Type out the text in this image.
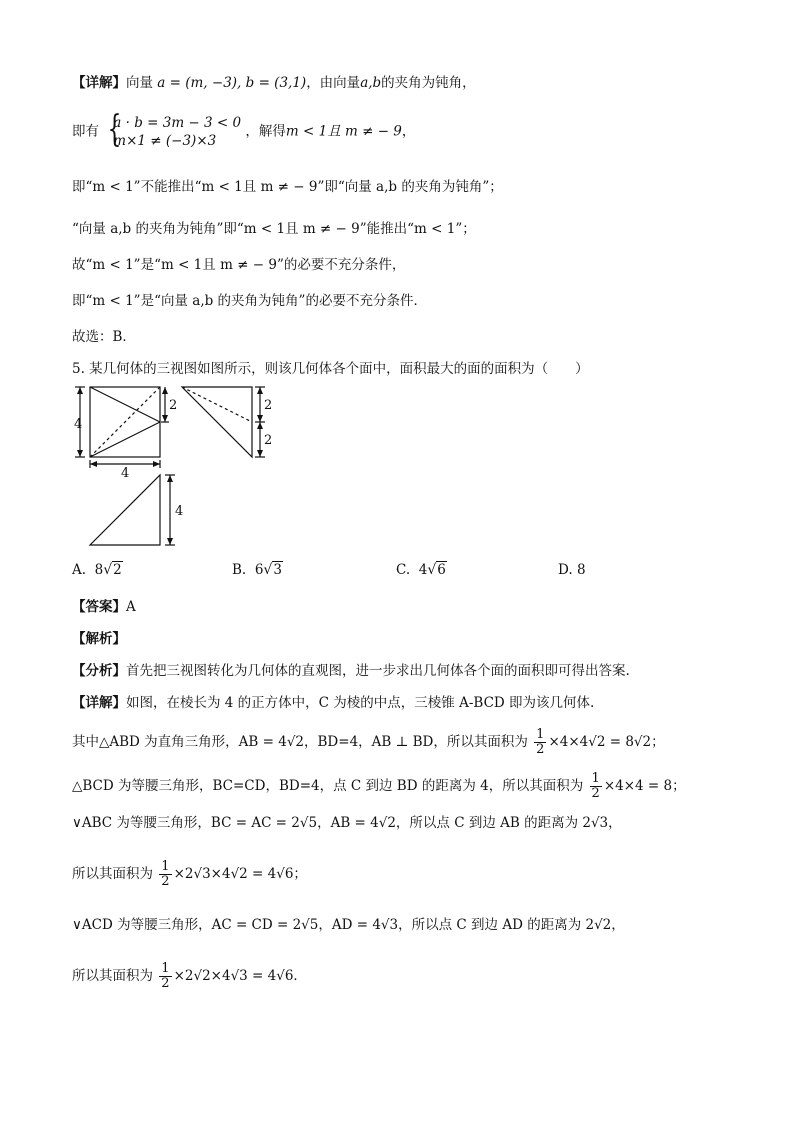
【详解】向量 a = (m, −3), b = (3,1)，由向量a,b的夹角为钝角，
即有 {
a · b = 3m − 3 < 0
m×1 ≠ (−3)×3
，解得m < 1且 m ≠ − 9，
即“m < 1”不能推出“m < 1且 m ≠ − 9”即“向量 a,b 的夹角为钝角”；
“向量 a,b 的夹角为钝角”即“m < 1且 m ≠ − 9”能推出“m < 1”；
故“m < 1”是“m < 1且 m ≠ − 9”的必要不充分条件，
即“m < 1”是“向量 a,b 的夹角为钝角”的必要不充分条件．
故选：B．
5. 某几何体的三视图如图所示，则该几何体各个面中，面积最大的面的面积为（　　）
4
2	2
2
4
4
A. 8√2	B. 6√3	C. 4√6	D. 8
【答案】A
【解析】
【分析】首先把三视图转化为几何体的直观图，进一步求出几何体各个面的面积即可得出答案.
【详解】如图，在棱长为 4 的正方体中，C 为棱的中点，三棱锥 A-BCD 即为该几何体.
其中△ABD 为直角三角形，AB = 4√2，BD=4，AB ⊥ BD，所以其面积为 $\frac{1}{2} \times 4\times 4√2 = 8√2$；
△BCD 为等腰三角形，BC=CD，BD=4，点 C 到边 BD 的距离为 4，所以其面积为 $\frac{1}{2} \times 4\times 4 = 8$；
∨ABC 为等腰三角形，BC = AC = 2√5，AB = 4√2，所以点 C 到边 AB 的距离为 2√3，
所以其面积为 $\frac{1}{2} \times 2√3\times 4√2 = 4√6$；
∨ACD 为等腰三角形，AC = CD = 2√5，AD = 4√3，所以点 C 到边 AD 的距离为 2√2，
所以其面积为 $\frac{1}{2} \times 2√2\times 4√3 = 4√6$．
